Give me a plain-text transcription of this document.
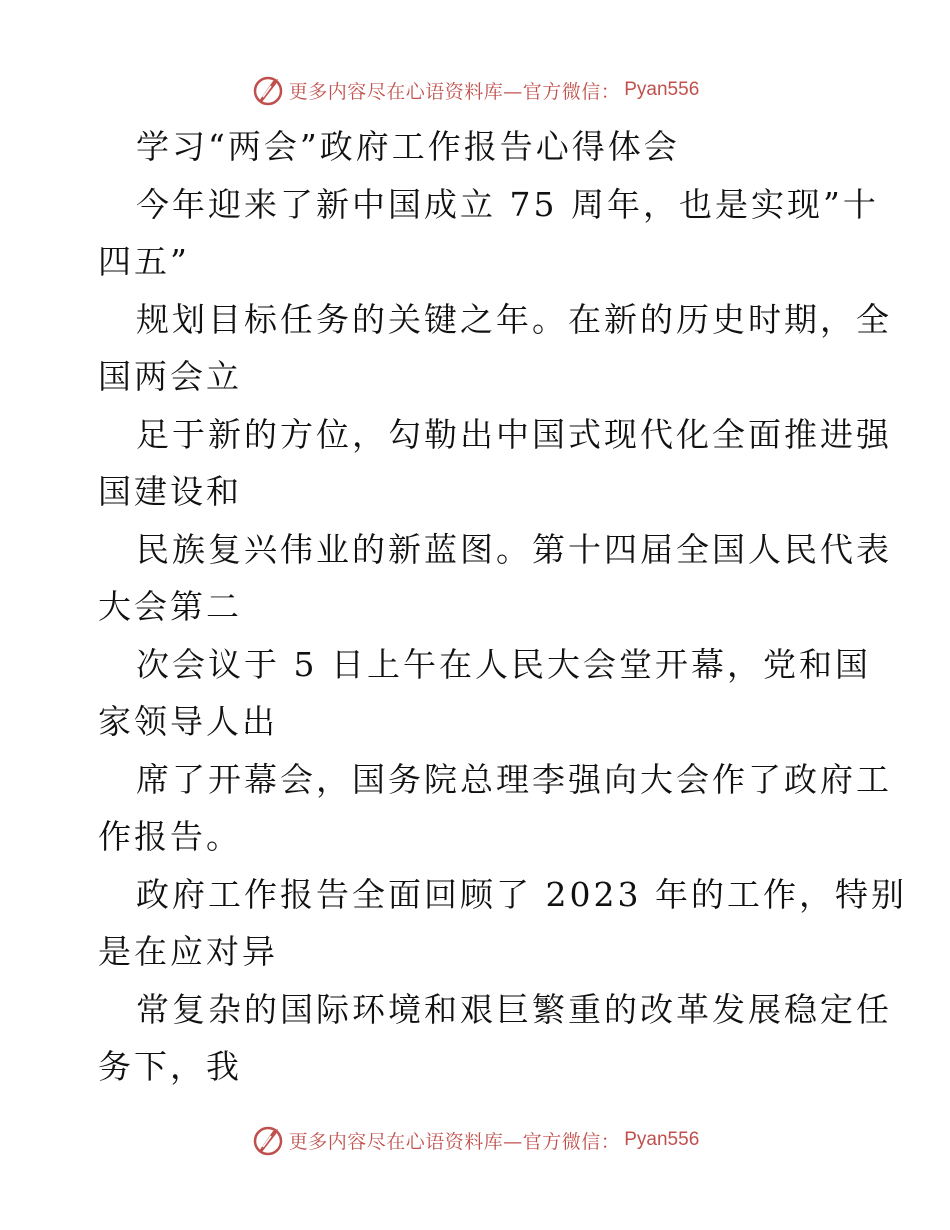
更多内容尽在心语资料库—官方微信： Pyan556
学习“两会”政府工作报告心得体会
今年迎来了新中国成立 75 周年，也是实现”十
四五”
规划目标任务的关键之年。在新的历史时期，全
国两会立
足于新的方位，勾勒出中国式现代化全面推进强
国建设和
民族复兴伟业的新蓝图。第十四届全国人民代表
大会第二
次会议于 5 日上午在人民大会堂开幕，党和国
家领导人出
席了开幕会，国务院总理李强向大会作了政府工
作报告。
政府工作报告全面回顾了 2023 年的工作，特别
是在应对异
常复杂的国际环境和艰巨繁重的改革发展稳定任
务下，我
更多内容尽在心语资料库—官方微信： Pyan556
